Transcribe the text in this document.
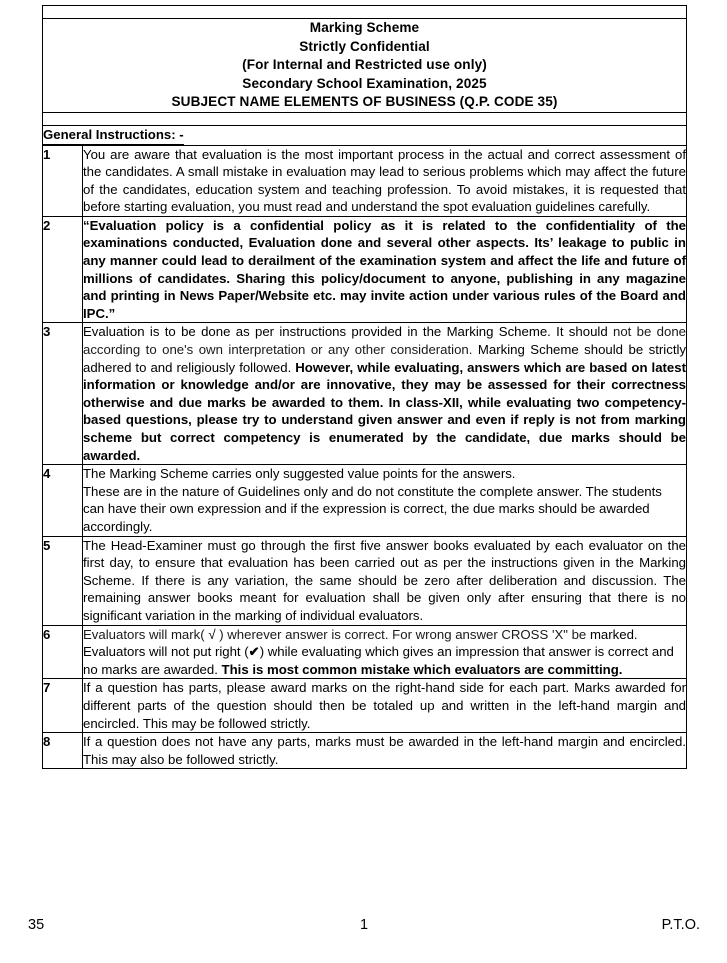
Marking Scheme
Strictly Confidential
(For Internal and Restricted use only)
Secondary School Examination, 2025
SUBJECT NAME ELEMENTS OF BUSINESS (Q.P. CODE 35)	

General Instructions: -	
1	You are aware that evaluation is the most important process in the actual and correct assessment of the candidates. A small mistake in evaluation may lead to serious problems which may affect the future of the candidates, education system and teaching profession. To avoid mistakes, it is requested that before starting evaluation, you must read and understand the spot evaluation guidelines carefully.

2	“Evaluation policy is a confidential policy as it is related to the confidentiality of the examinations conducted, Evaluation done and several other aspects. Its’ leakage to public in any manner could lead to derailment of the examination system and affect the life and future of millions of candidates. Sharing this policy/document to anyone, publishing in any magazine and printing in News Paper/Website etc. may invite action under various rules of the Board and IPC.”

3	Evaluation is to be done as per instructions provided in the Marking Scheme. It should not be done according to one's own interpretation or any other consideration. Marking Scheme should be strictly adhered to and religiously followed. However, while evaluating, answers which are based on latest information or knowledge and/or are innovative, they may be assessed for their correctness otherwise and due marks be awarded to them. In class-XII, while evaluating two competency-based questions, please try to understand given answer and even if reply is not from marking scheme but correct competency is enumerated by the candidate, due marks should be awarded.

4	The Marking Scheme carries only suggested value points for the answers.

These are in the nature of Guidelines only and do not constitute the complete answer. The students can have their own expression and if the expression is correct, the due marks should be awarded accordingly.

5	The Head-Examiner must go through the first five answer books evaluated by each evaluator on the first day, to ensure that evaluation has been carried out as per the instructions given in the Marking Scheme. If there is any variation, the same should be zero after deliberation and discussion. The remaining answer books meant for evaluation shall be given only after ensuring that there is no significant variation in the marking of individual evaluators.

6	Evaluators will mark( √ ) wherever answer is correct. For wrong answer CROSS 'X" be marked. Evaluators will not put right (✔) while evaluating which gives an impression that answer is correct and no marks are awarded. This is most common mistake which evaluators are committing.

7	If a question has parts, please award marks on the right-hand side for each part. Marks awarded for different parts of the question should then be totaled up and written in the left-hand margin and encircled. This may be followed strictly.

8	If a question does not have any parts, marks must be awarded in the left-hand margin and encircled. This may also be followed strictly.

35	1	P.T.O.
